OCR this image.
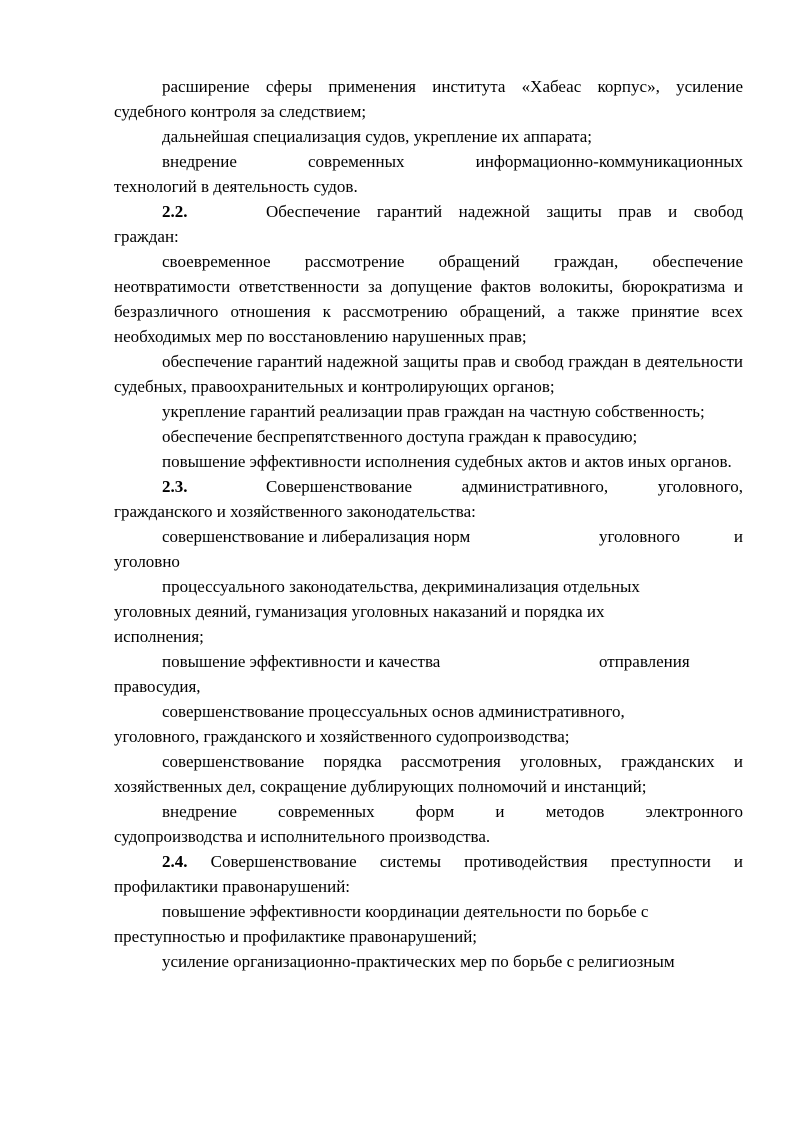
расширение сферы применения института «Хабеас корпус», усиление

судебного контроля за следствием;

дальнейшая специализация судов, укрепление их аппарата;

внедрение современных информационно-коммуникационных

технологий в деятельность судов.

2.2.	Обеспечение гарантий надежной защиты прав и свобод

граждан:

своевременное рассмотрение обращений граждан, обеспечение неотвратимости ответственности за допущение фактов волокиты, бюрократизма и безразличного отношения к рассмотрению обращений, а также принятие всех необходимых мер по восстановлению нарушенных прав;

обеспечение гарантий надежной защиты прав и свобод граждан в деятельности судебных, правоохранительных и контролирующих органов;

укрепление гарантий реализации прав граждан на частную собственность;

обеспечение беспрепятственного доступа граждан к правосудию;

повышение эффективности исполнения судебных актов и актов иных органов.

2.3.	Совершенствование административного, уголовного,

гражданского и хозяйственного законодательства:

совершенствование и либерализация норм	уголовного	и

уголовно

процессуального законодательства, декриминализация отдельных

уголовных деяний, гуманизация уголовных наказаний и порядка их

исполнения;

повышение эффективности и качества	отправления

правосудия,

совершенствование процессуальных основ административного,

уголовного, гражданского и хозяйственного судопроизводства;

совершенствование порядка рассмотрения уголовных, гражданских и хозяйственных дел, сокращение дублирующих полномочий и инстанций;

внедрение современных форм и методов электронного

судопроизводства и исполнительного производства.

2.4. Совершенствование системы противодействия преступности и профилактики правонарушений:

повышение эффективности координации деятельности по борьбе с

преступностью и профилактике правонарушений;

усиление организационно-практических мер по борьбе с религиозным
